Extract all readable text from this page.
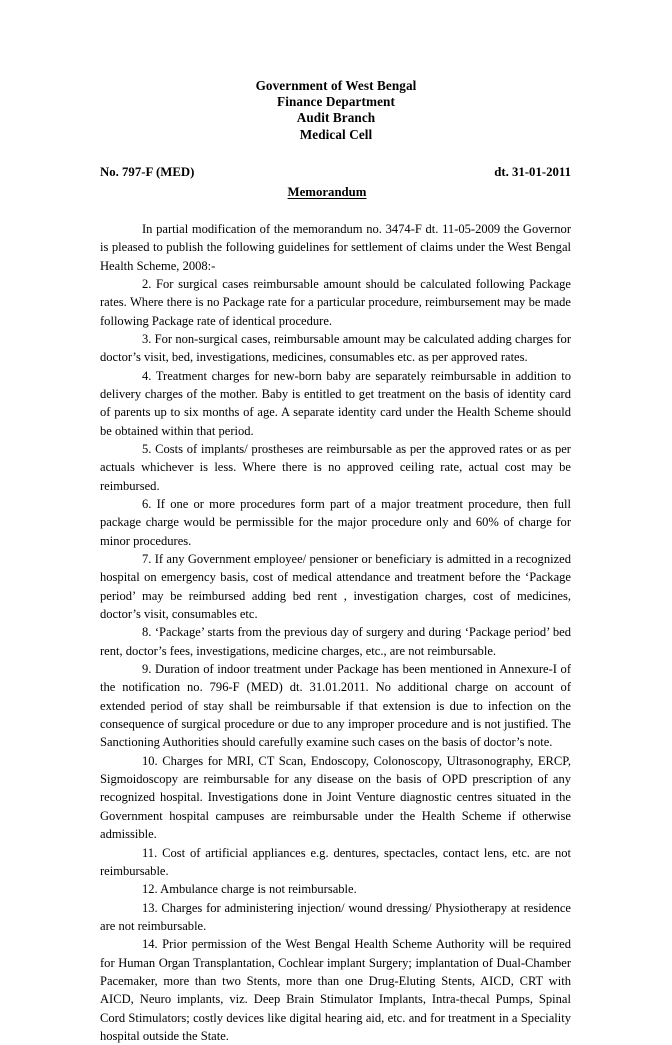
Government of West Bengal
Finance Department
Audit Branch
Medical Cell
No. 797-F (MED)	dt. 31-01-2011
Memorandum

In partial modification of the memorandum no. 3474-F dt. 11-05-2009 the Governor is pleased to publish the following guidelines for settlement of claims under the West Bengal Health Scheme, 2008:-

2. For surgical cases reimbursable amount should be calculated following Package rates. Where there is no Package rate for a particular procedure, reimbursement may be made following Package rate of identical procedure.

3. For non-surgical cases, reimbursable amount may be calculated adding charges for doctor’s visit, bed, investigations, medicines, consumables etc. as per approved rates.

4. Treatment charges for new-born baby are separately reimbursable in addition to delivery charges of the mother. Baby is entitled to get treatment on the basis of identity card of parents up to six months of age. A separate identity card under the Health Scheme should be obtained within that period.

5. Costs of implants/ prostheses are reimbursable as per the approved rates or as per actuals whichever is less. Where there is no approved ceiling rate, actual cost may be reimbursed.

6. If one or more procedures form part of a major treatment procedure, then full package charge would be permissible for the major procedure only and 60% of charge for minor procedures.

7. If any Government employee/ pensioner or beneficiary is admitted in a recognized hospital on emergency basis, cost of medical attendance and treatment before the ‘Package period’ may be reimbursed adding bed rent , investigation charges, cost of medicines, doctor’s visit, consumables etc.

8. ‘Package’ starts from the previous day of surgery and during ‘Package period’ bed rent, doctor’s fees, investigations, medicine charges, etc., are not reimbursable.

9. Duration of indoor treatment under Package has been mentioned in Annexure-I of the notification no. 796-F (MED) dt. 31.01.2011. No additional charge on account of extended period of stay shall be reimbursable if that extension is due to infection on the consequence of surgical procedure or due to any improper procedure and is not justified. The Sanctioning Authorities should carefully examine such cases on the basis of doctor’s note.

10. Charges for MRI, CT Scan, Endoscopy, Colonoscopy, Ultrasonography, ERCP, Sigmoidoscopy are reimbursable for any disease on the basis of OPD prescription of any recognized hospital. Investigations done in Joint Venture diagnostic centres situated in the Government hospital campuses are reimbursable under the Health Scheme if otherwise admissible.

11. Cost of artificial appliances e.g. dentures, spectacles, contact lens, etc. are not reimbursable.

12. Ambulance charge is not reimbursable.

13. Charges for administering injection/ wound dressing/ Physiotherapy at residence are not reimbursable.

14. Prior permission of the West Bengal Health Scheme Authority will be required for Human Organ Transplantation, Cochlear implant Surgery; implantation of Dual-Chamber Pacemaker, more than two Stents, more than one Drug-Eluting Stents, AICD, CRT with AICD, Neuro implants, viz. Deep Brain Stimulator Implants, Intra-thecal Pumps, Spinal Cord Stimulators; costly devices like digital hearing aid, etc. and for treatment in a Speciality hospital outside the State.
